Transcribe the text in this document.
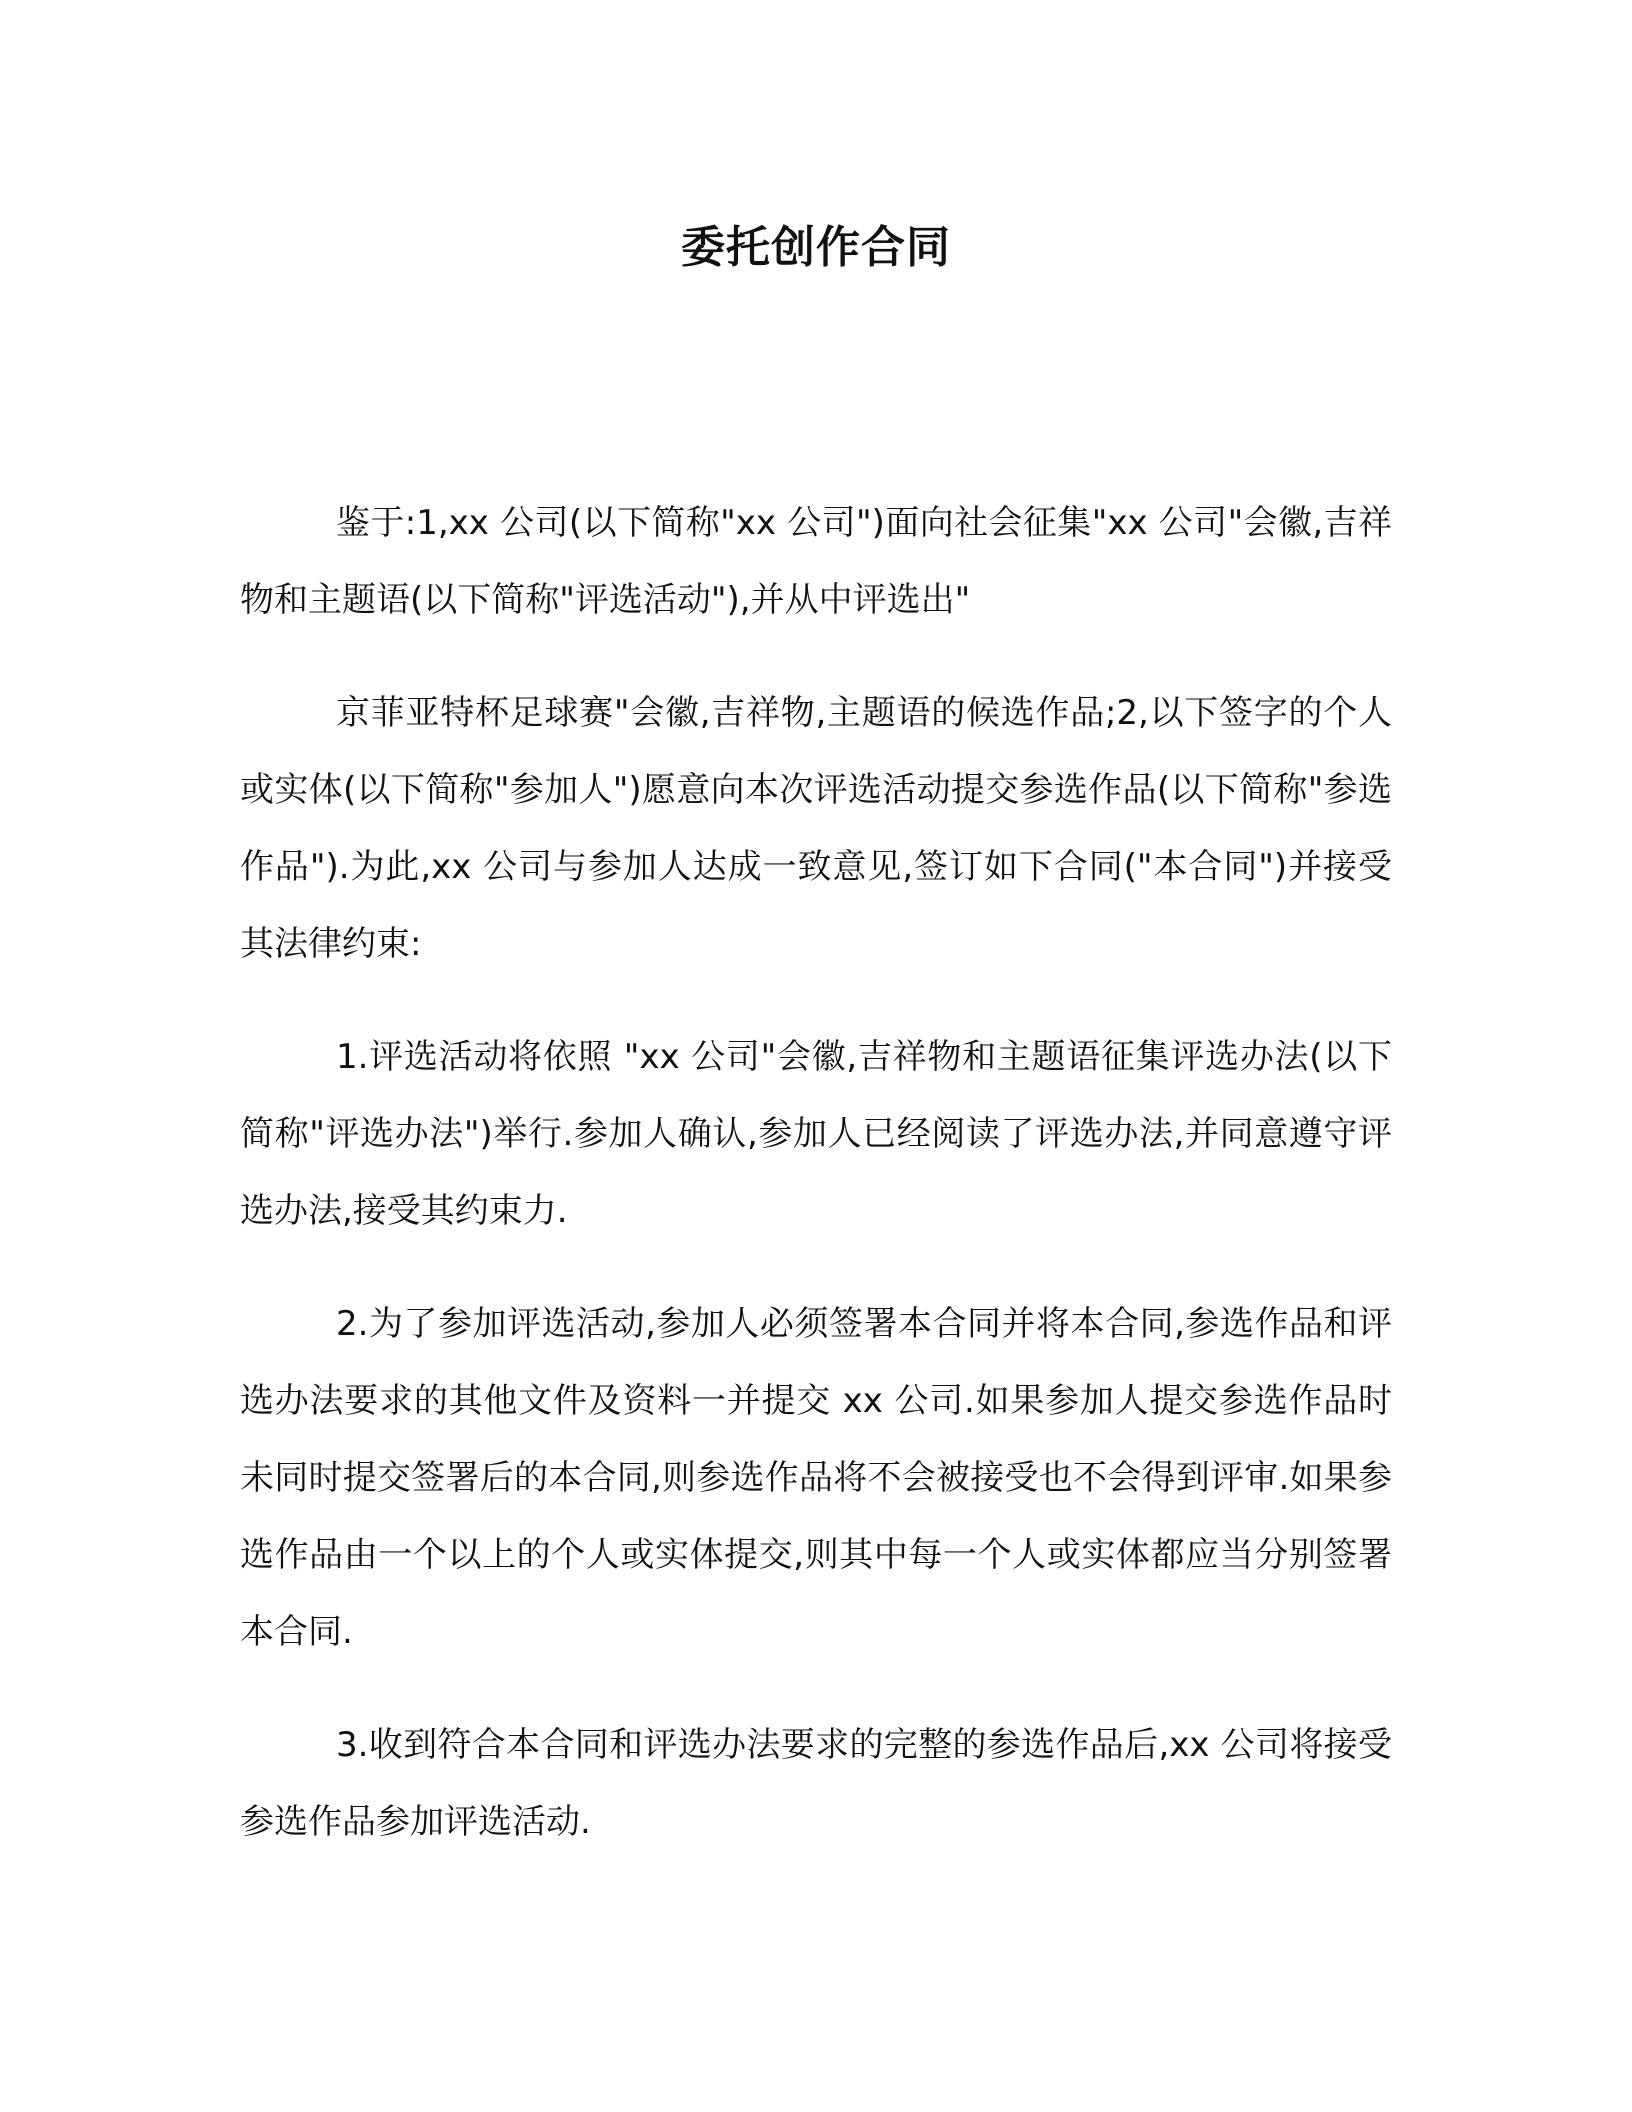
委托创作合同

鉴于:1,xx 公司(以下简称"xx 公司")面向社会征集"xx 公司"会徽,吉祥物和主题语(以下简称"评选活动"),并从中评选出"

京菲亚特杯足球赛"会徽,吉祥物,主题语的候选作品;2,以下签字的个人或实体(以下简称"参加人")愿意向本次评选活动提交参选作品(以下简称"参选作品").为此,xx 公司与参加人达成一致意见,签订如下合同("本合同")并接受其法律约束:

1.评选活动将依照 "xx 公司"会徽,吉祥物和主题语征集评选办法(以下简称"评选办法")举行.参加人确认,参加人已经阅读了评选办法,并同意遵守评选办法,接受其约束力.

2.为了参加评选活动,参加人必须签署本合同并将本合同,参选作品和评选办法要求的其他文件及资料一并提交 xx 公司.如果参加人提交参选作品时未同时提交签署后的本合同,则参选作品将不会被接受也不会得到评审.如果参选作品由一个以上的个人或实体提交,则其中每一个人或实体都应当分别签署本合同.

3.收到符合本合同和评选办法要求的完整的参选作品后,xx 公司将接受参选作品参加评选活动.
